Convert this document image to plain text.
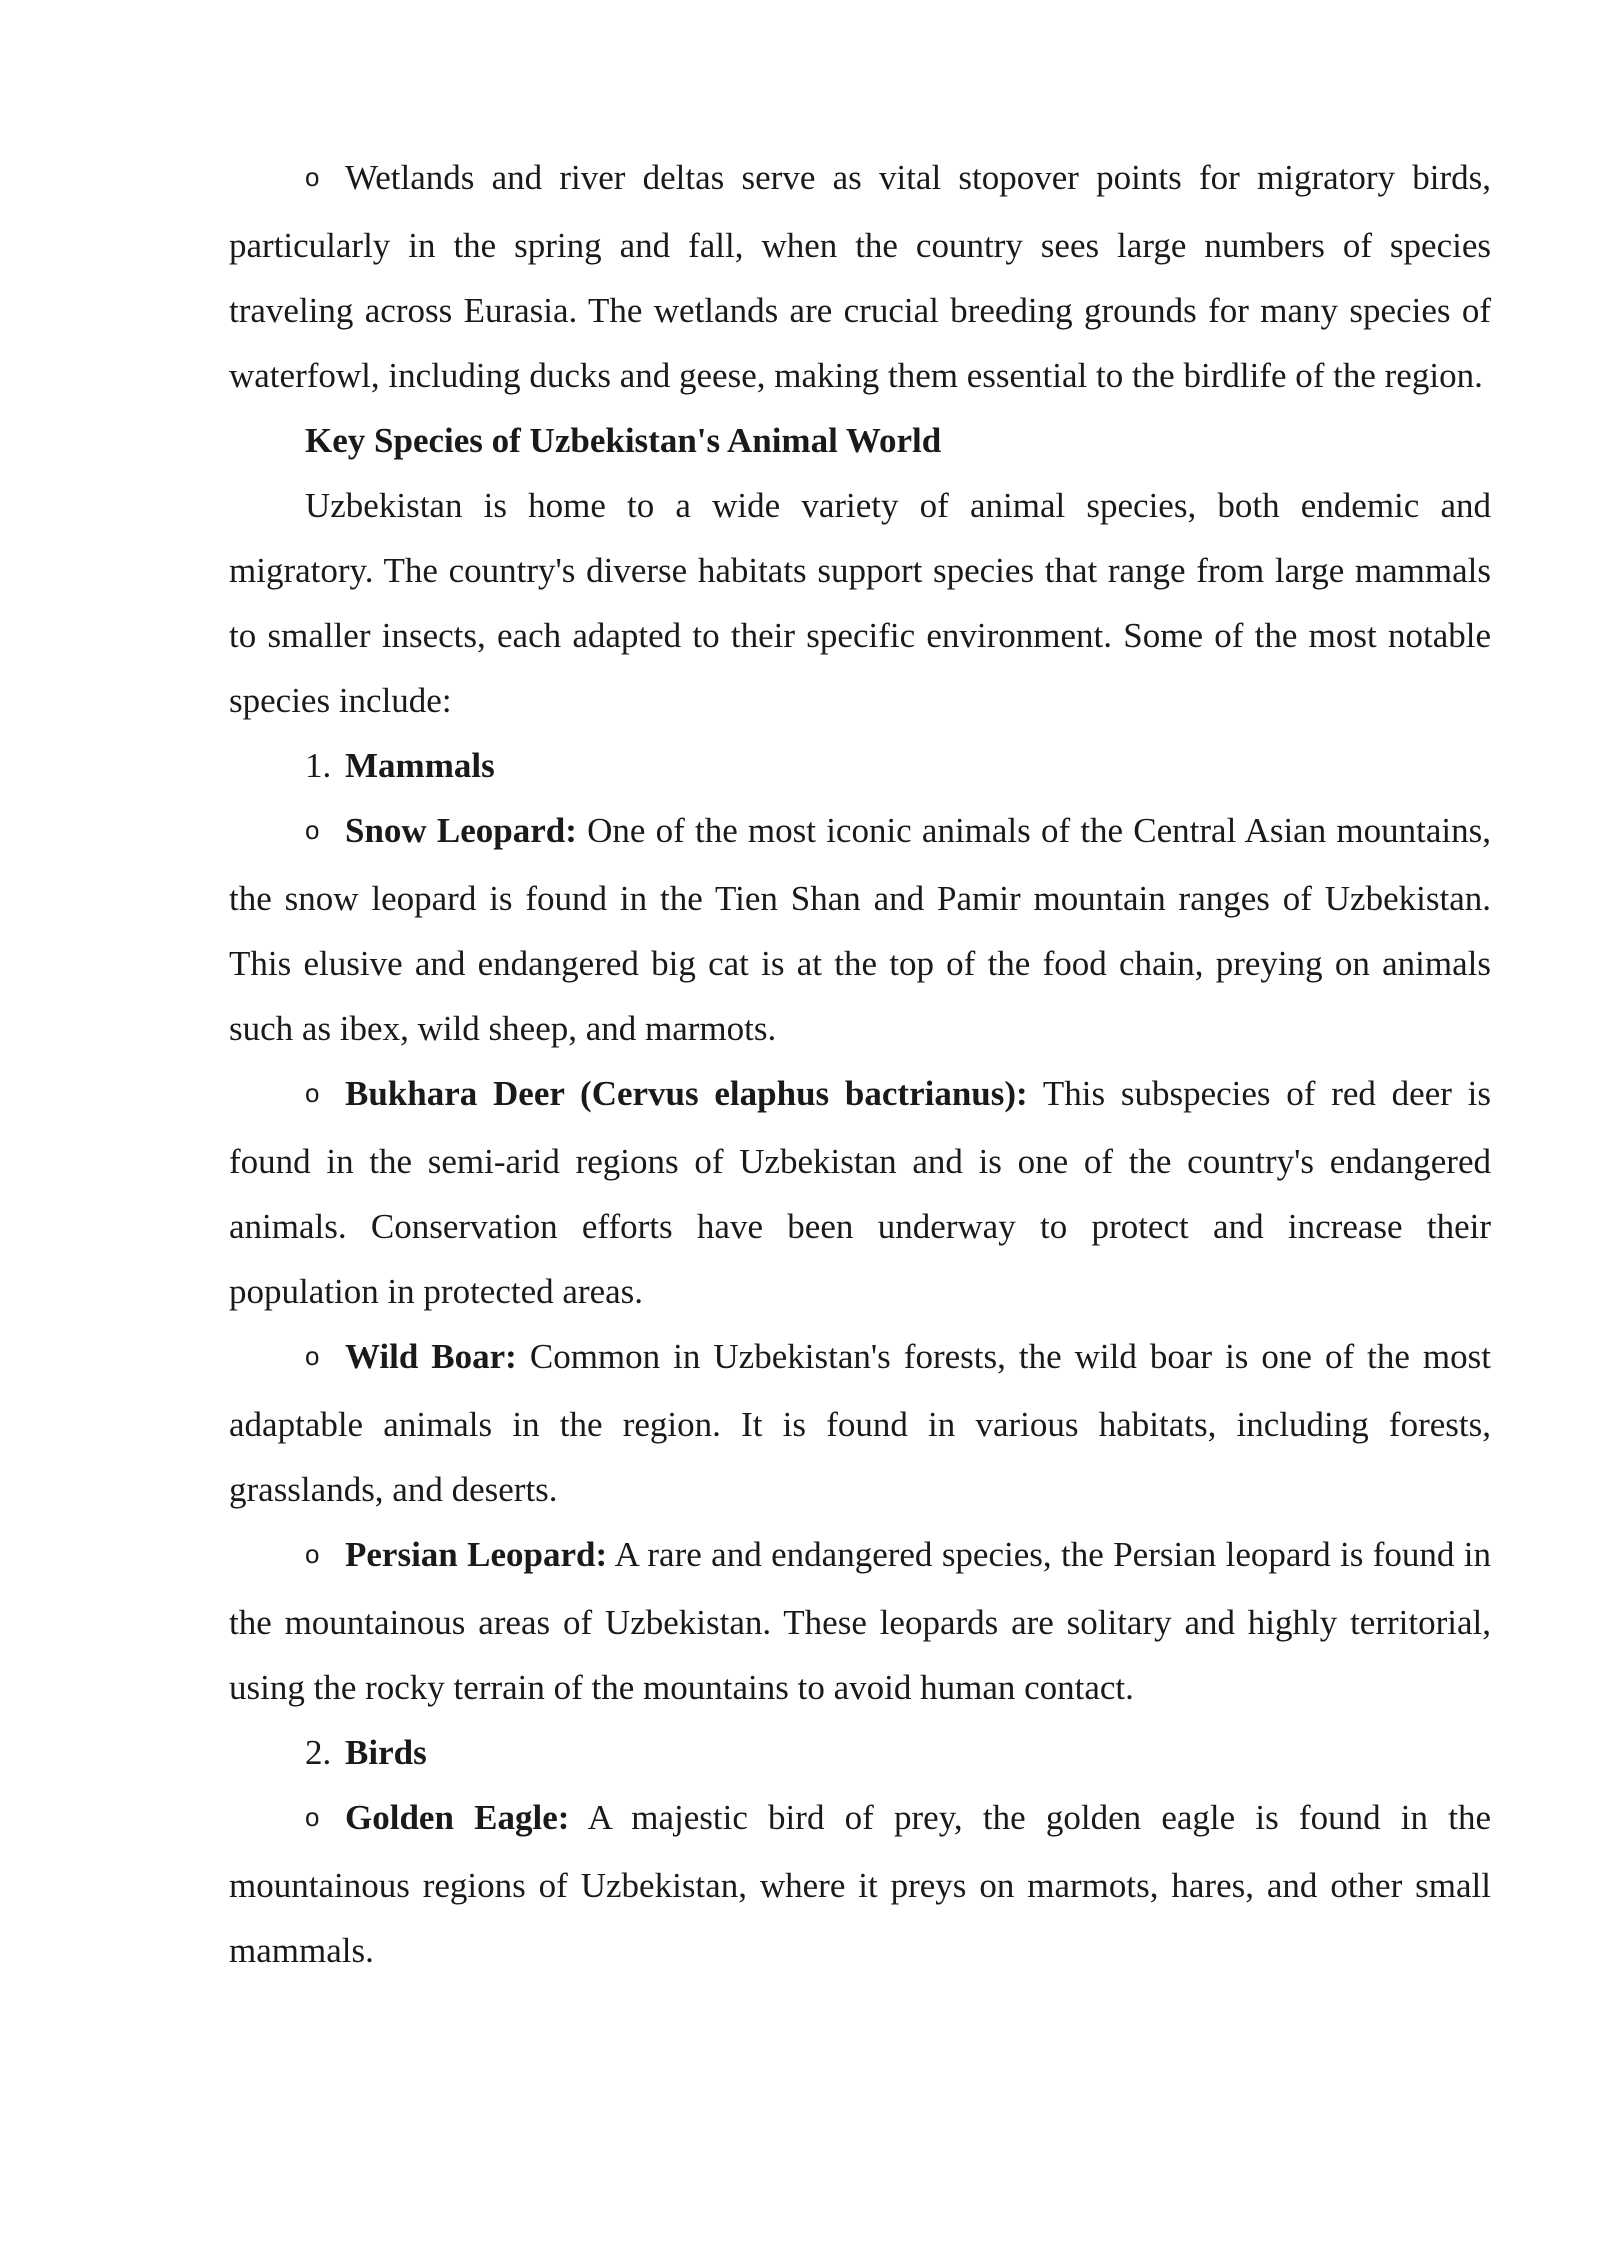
o Wetlands and river deltas serve as vital stopover points for migratory birds, particularly in the spring and fall, when the country sees large numbers of species traveling across Eurasia. The wetlands are crucial breeding grounds for many species of waterfowl, including ducks and geese, making them essential to the birdlife of the region.

Key Species of Uzbekistan's Animal World

Uzbekistan is home to a wide variety of animal species, both endemic and migratory. The country's diverse habitats support species that range from large mammals to smaller insects, each adapted to their specific environment. Some of the most notable species include:

1. Mammals

o Snow Leopard: One of the most iconic animals of the Central Asian mountains, the snow leopard is found in the Tien Shan and Pamir mountain ranges of Uzbekistan. This elusive and endangered big cat is at the top of the food chain, preying on animals such as ibex, wild sheep, and marmots.

o Bukhara Deer (Cervus elaphus bactrianus): This subspecies of red deer is found in the semi-arid regions of Uzbekistan and is one of the country's endangered animals. Conservation efforts have been underway to protect and increase their population in protected areas.

o Wild Boar: Common in Uzbekistan's forests, the wild boar is one of the most adaptable animals in the region. It is found in various habitats, including forests, grasslands, and deserts.

o Persian Leopard: A rare and endangered species, the Persian leopard is found in the mountainous areas of Uzbekistan. These leopards are solitary and highly territorial, using the rocky terrain of the mountains to avoid human contact.

2. Birds

o Golden Eagle: A majestic bird of prey, the golden eagle is found in the mountainous regions of Uzbekistan, where it preys on marmots, hares, and other small mammals.
